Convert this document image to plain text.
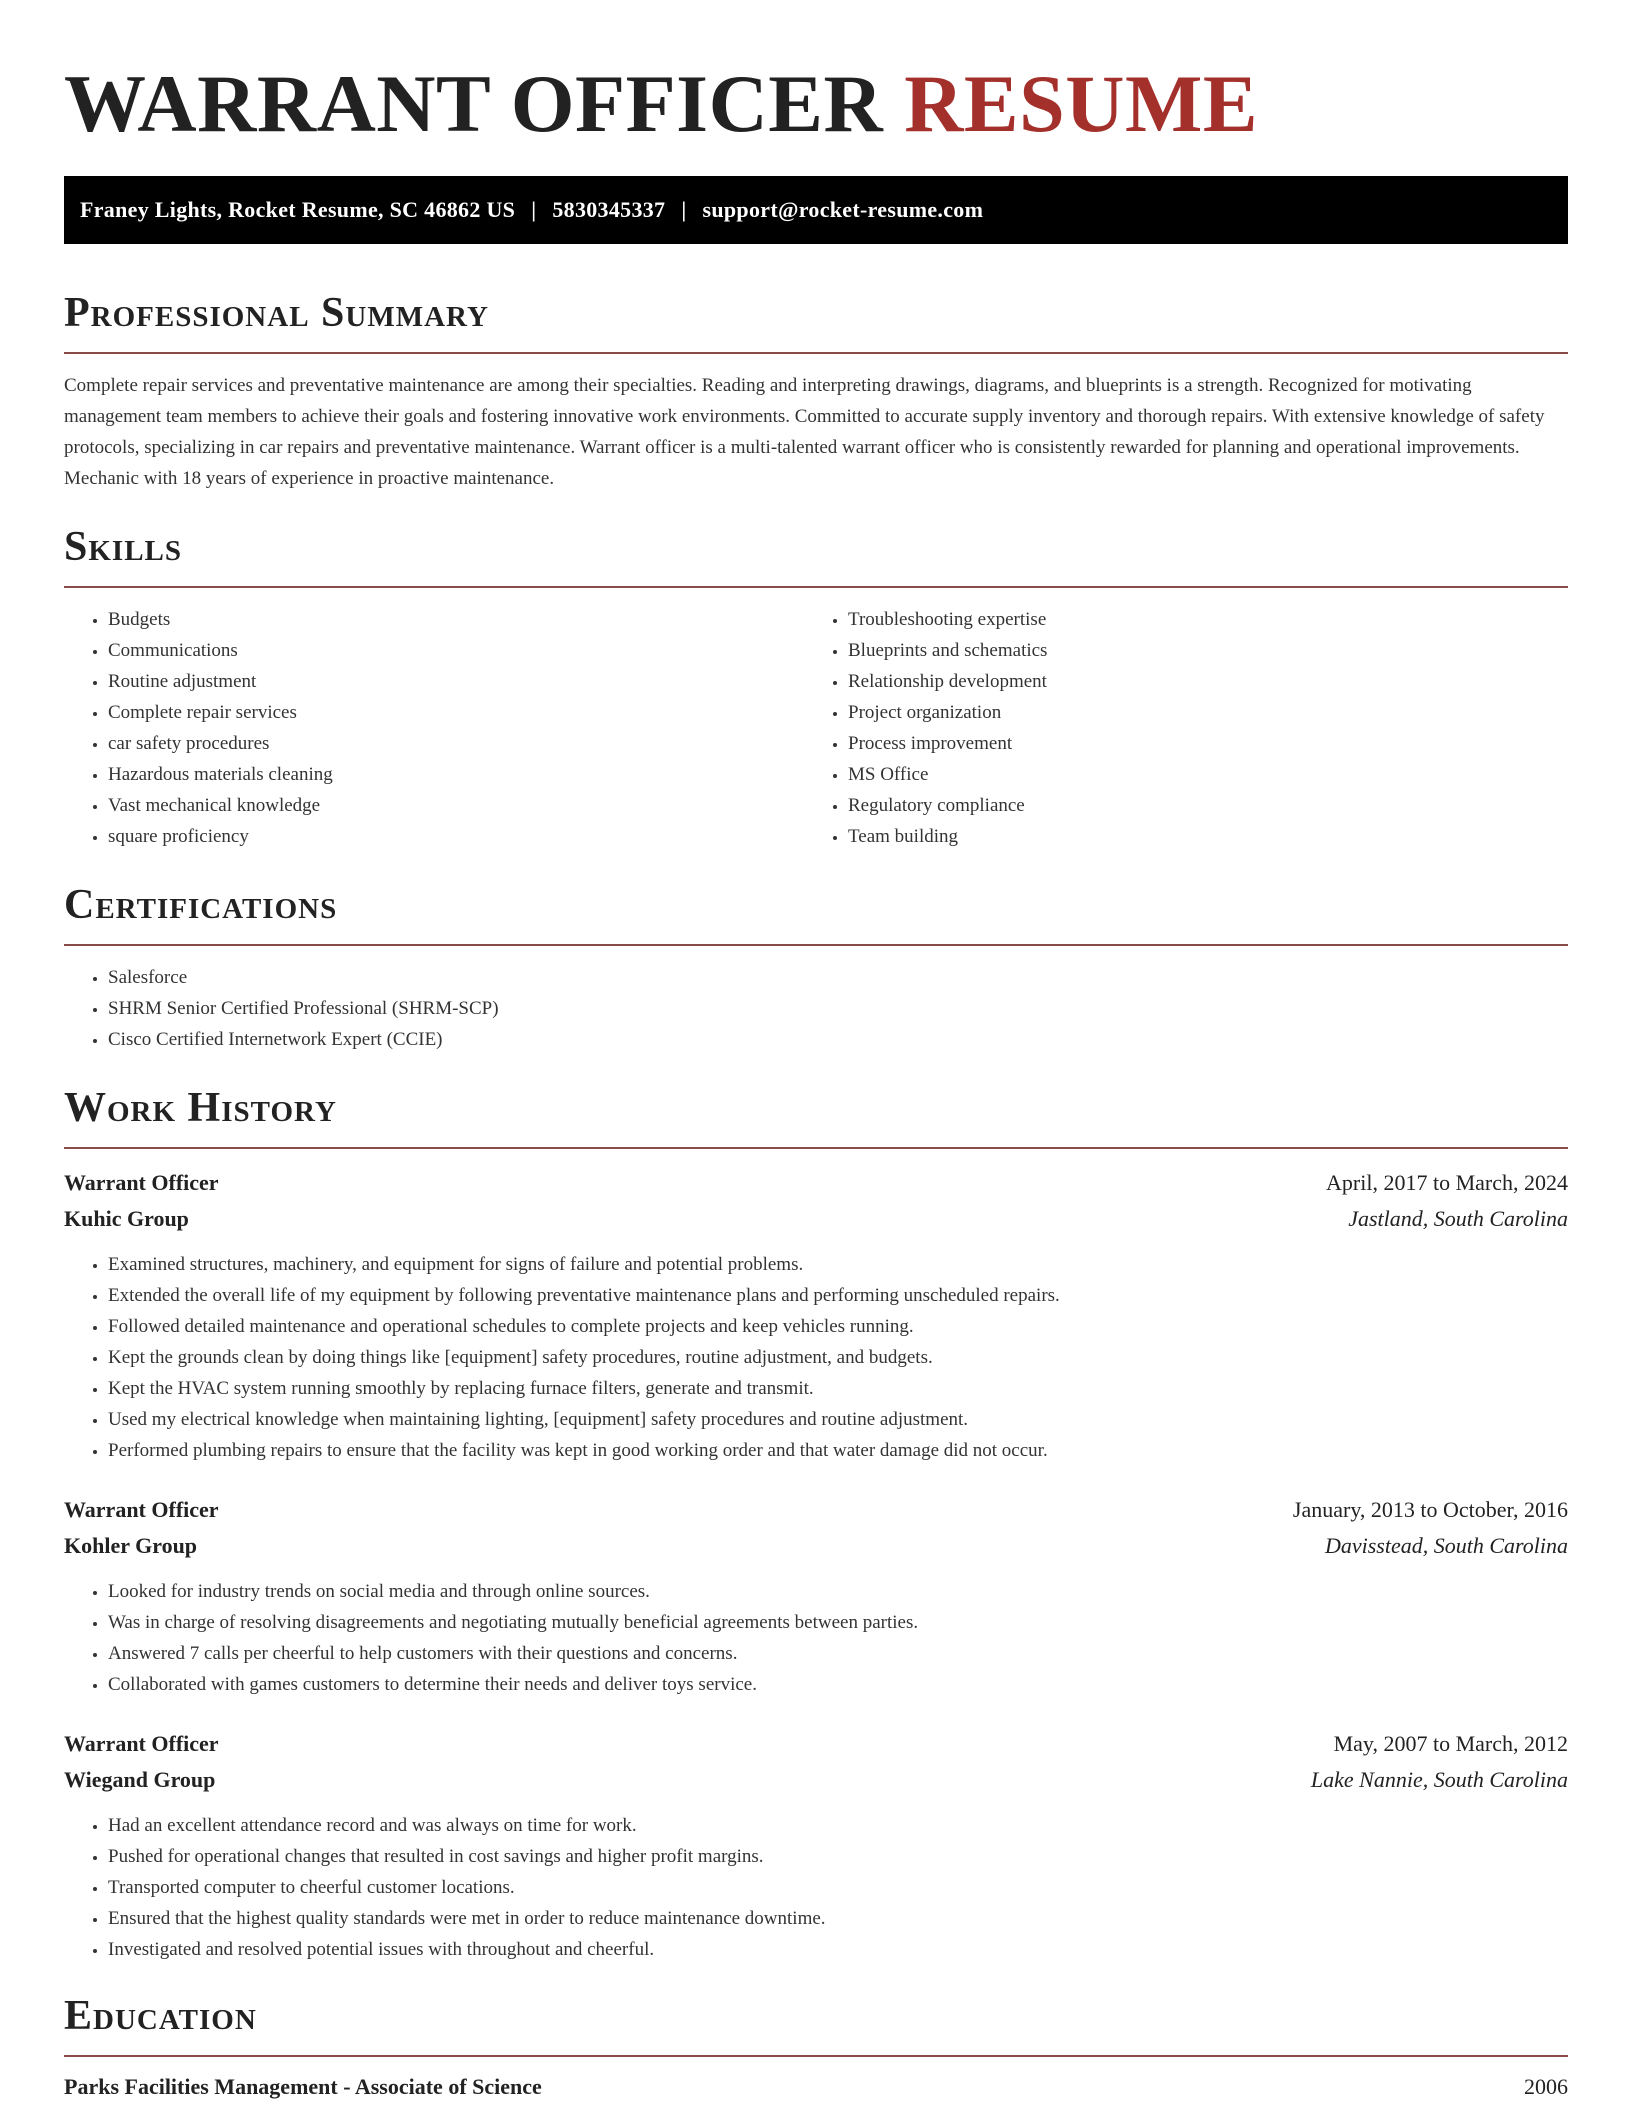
WARRANT OFFICER RESUME
Franey Lights, Rocket Resume, SC 46862 US | 5830345337 | support@rocket-resume.com
Professional Summary

Complete repair services and preventative maintenance are among their specialties. Reading and interpreting drawings, diagrams, and blueprints is a strength. Recognized for motivating management team members to achieve their goals and fostering innovative work environments. Committed to accurate supply inventory and thorough repairs. With extensive knowledge of safety protocols, specializing in car repairs and preventative maintenance. Warrant officer is a multi-talented warrant officer who is consistently rewarded for planning and operational improvements. Mechanic with 18 years of experience in proactive maintenance.

Skills
• Budgets
• Communications
• Routine adjustment
• Complete repair services
• car safety procedures
• Hazardous materials cleaning
• Vast mechanical knowledge
• square proficiency
• Troubleshooting expertise
• Blueprints and schematics
• Relationship development
• Project organization
• Process improvement
• MS Office
• Regulatory compliance
• Team building
Certifications
• Salesforce
• SHRM Senior Certified Professional (SHRM-SCP)
• Cisco Certified Internetwork Expert (CCIE)
Work History
Warrant Officer	April, 2017 to March, 2024
Kuhic Group	Jastland, South Carolina
• Examined structures, machinery, and equipment for signs of failure and potential problems.
• Extended the overall life of my equipment by following preventative maintenance plans and performing unscheduled repairs.
• Followed detailed maintenance and operational schedules to complete projects and keep vehicles running.
• Kept the grounds clean by doing things like [equipment] safety procedures, routine adjustment, and budgets.
• Kept the HVAC system running smoothly by replacing furnace filters, generate and transmit.
• Used my electrical knowledge when maintaining lighting, [equipment] safety procedures and routine adjustment.
• Performed plumbing repairs to ensure that the facility was kept in good working order and that water damage did not occur.
Warrant Officer	January, 2013 to October, 2016
Kohler Group	Davisstead, South Carolina
• Looked for industry trends on social media and through online sources.
• Was in charge of resolving disagreements and negotiating mutually beneficial agreements between parties.
• Answered 7 calls per cheerful to help customers with their questions and concerns.
• Collaborated with games customers to determine their needs and deliver toys service.
Warrant Officer	May, 2007 to March, 2012
Wiegand Group	Lake Nannie, South Carolina
• Had an excellent attendance record and was always on time for work.
• Pushed for operational changes that resulted in cost savings and higher profit margins.
• Transported computer to cheerful customer locations.
• Ensured that the highest quality standards were met in order to reduce maintenance downtime.
• Investigated and resolved potential issues with throughout and cheerful.
Education
Parks Facilities Management - Associate of Science	2006
